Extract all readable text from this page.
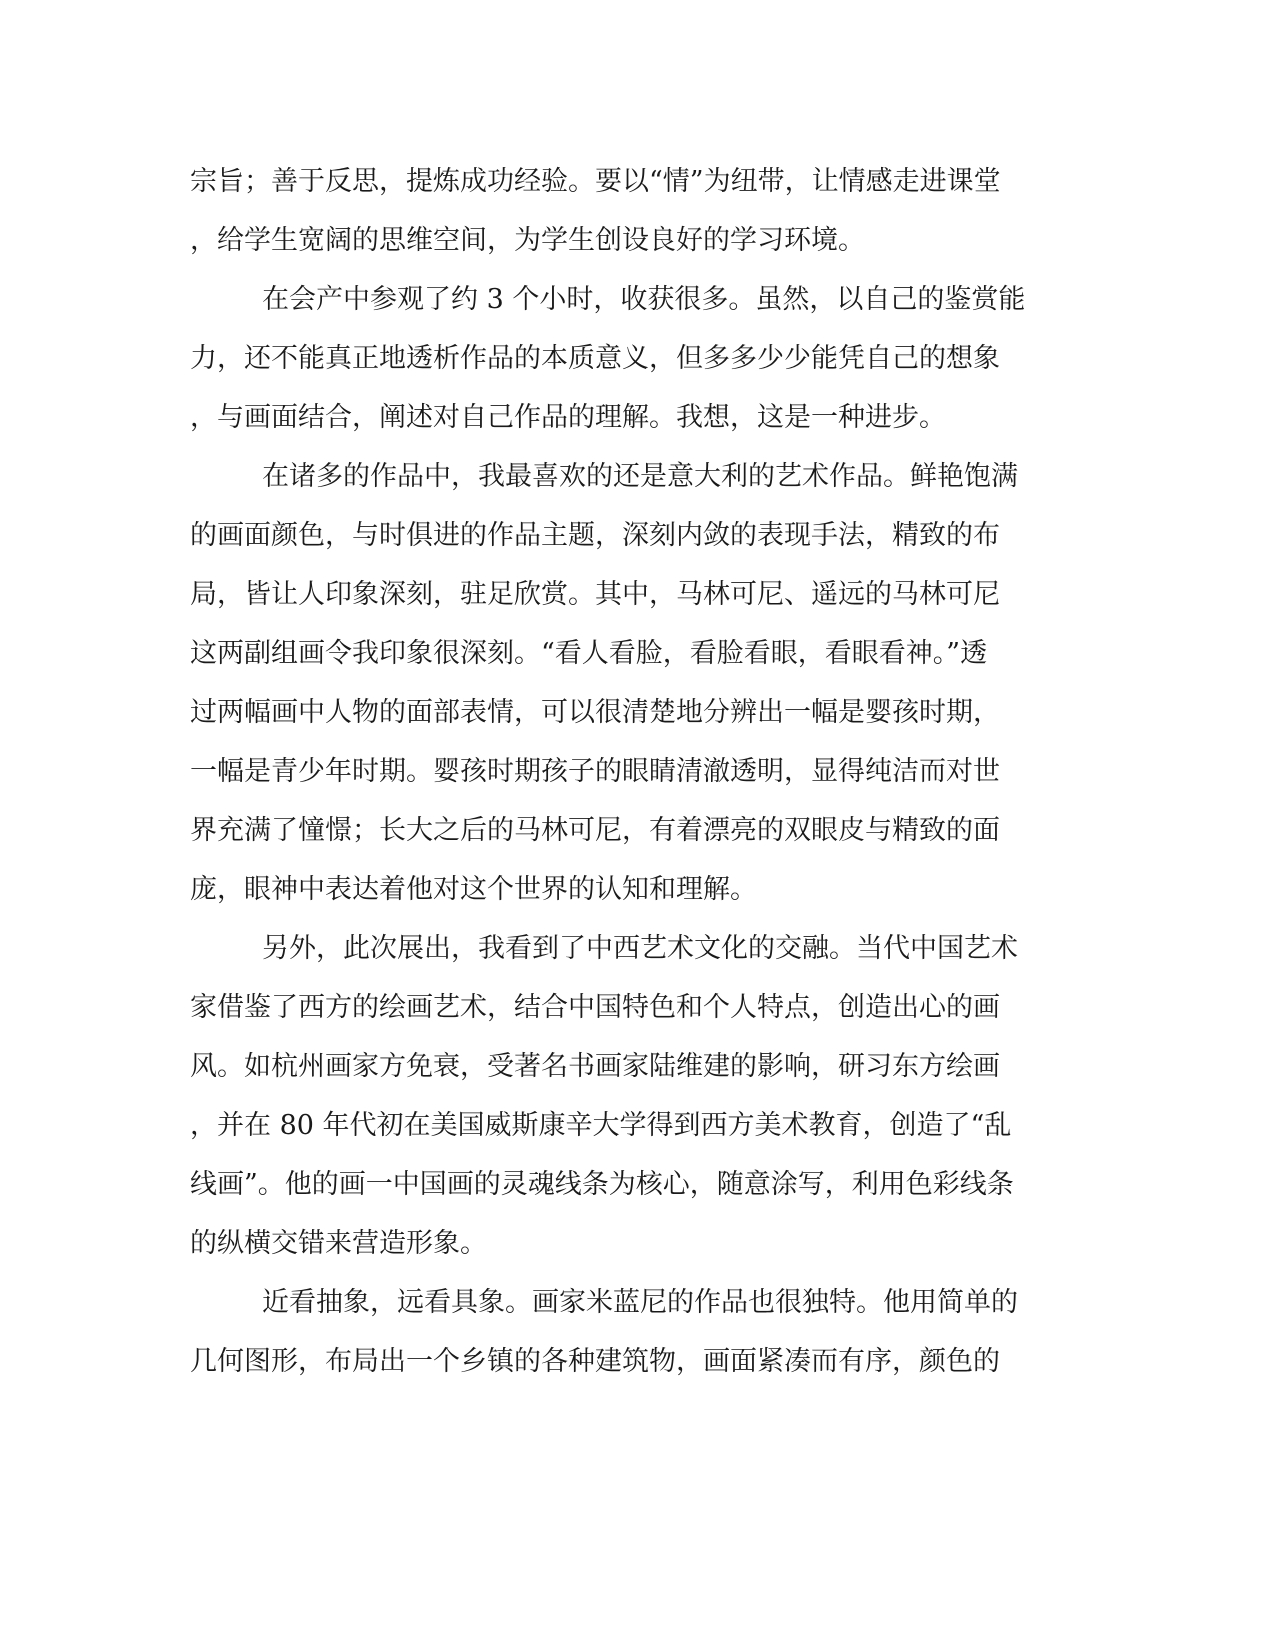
宗旨；善于反思，提炼成功经验。要以“情”为纽带，让情感走进课堂
，给学生宽阔的思维空间，为学生创设良好的学习环境。
在会产中参观了约 3 个小时，收获很多。虽然，以自己的鉴赏能
力，还不能真正地透析作品的本质意义，但多多少少能凭自己的想象
，与画面结合，阐述对自己作品的理解。我想，这是一种进步。
在诸多的作品中，我最喜欢的还是意大利的艺术作品。鲜艳饱满
的画面颜色，与时俱进的作品主题，深刻内敛的表现手法，精致的布
局，皆让人印象深刻，驻足欣赏。其中，马林可尼、遥远的马林可尼
这两副组画令我印象很深刻。“看人看脸，看脸看眼，看眼看神。”透
过两幅画中人物的面部表情，可以很清楚地分辨出一幅是婴孩时期，
一幅是青少年时期。婴孩时期孩子的眼睛清澈透明，显得纯洁而对世
界充满了憧憬；长大之后的马林可尼，有着漂亮的双眼皮与精致的面
庞，眼神中表达着他对这个世界的认知和理解。
另外，此次展出，我看到了中西艺术文化的交融。当代中国艺术
家借鉴了西方的绘画艺术，结合中国特色和个人特点，创造出心的画
风。如杭州画家方免衰，受著名书画家陆维建的影响，研习东方绘画
，并在 80 年代初在美国威斯康辛大学得到西方美术教育，创造了“乱
线画”。他的画一中国画的灵魂线条为核心，随意涂写，利用色彩线条
的纵横交错来营造形象。
近看抽象，远看具象。画家米蓝尼的作品也很独特。他用简单的
几何图形，布局出一个乡镇的各种建筑物，画面紧凑而有序，颜色的
